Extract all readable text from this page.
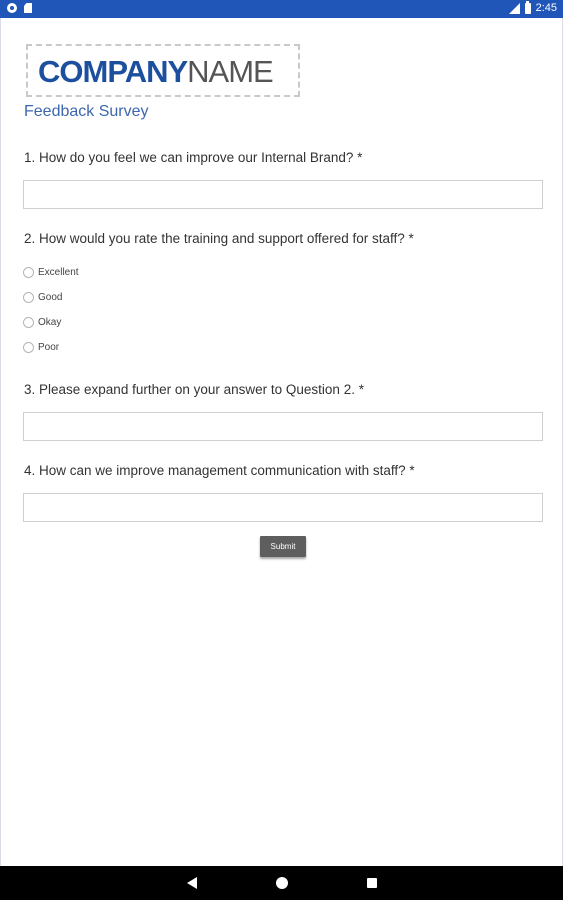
2:45
COMPANYNAME
Feedback Survey
1. How do you feel we can improve our Internal Brand? *
2. How would you rate the training and support offered for staff? *
Excellent
Good
Okay
Poor
3. Please expand further on your answer to Question 2. *
4. How can we improve management communication with staff? *
Submit
